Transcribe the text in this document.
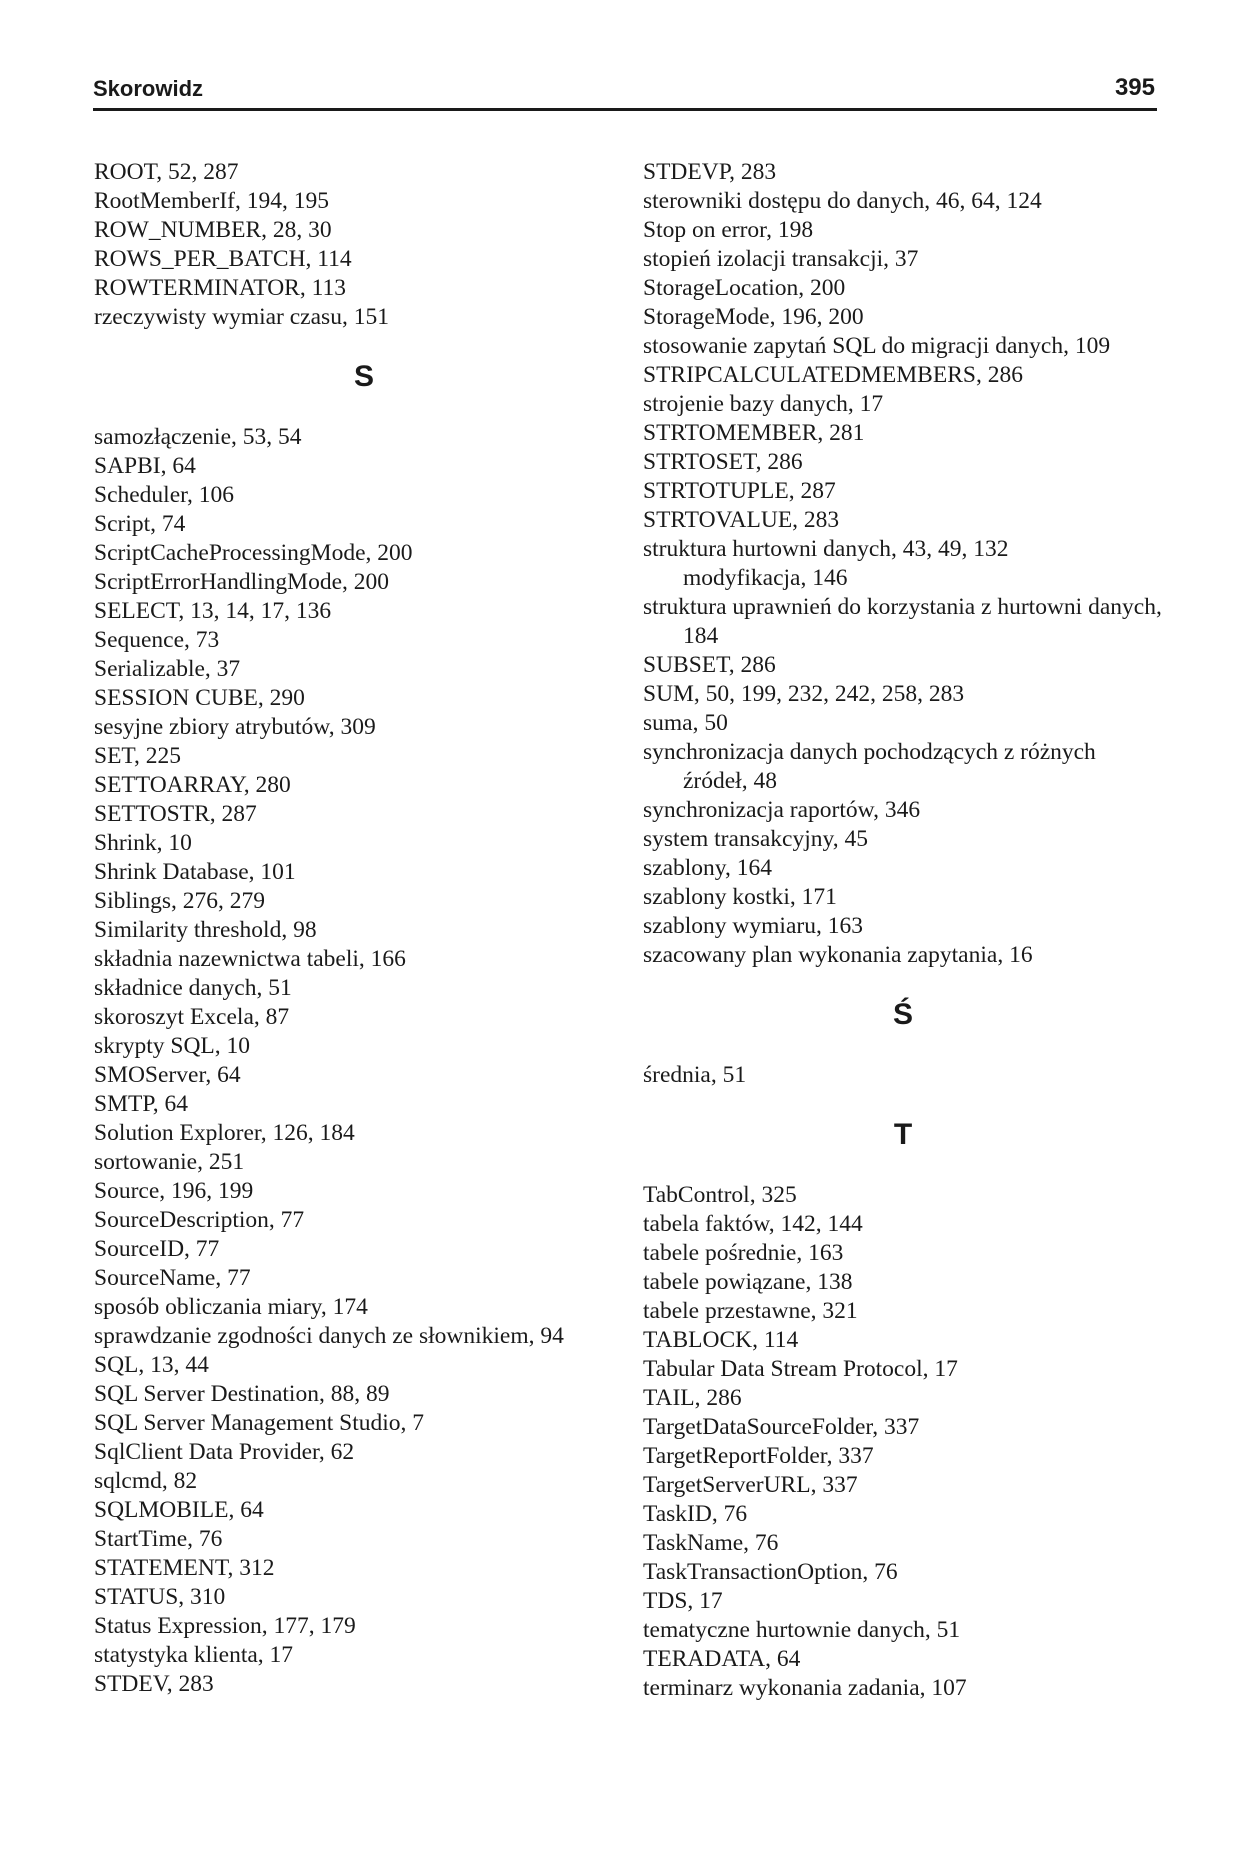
Skorowidz	395
ROOT, 52, 287
RootMemberIf, 194, 195
ROW_NUMBER, 28, 30
ROWS_PER_BATCH, 114
ROWTERMINATOR, 113
rzeczywisty wymiar czasu, 151
S
samozłączenie, 53, 54
SAPBI, 64
Scheduler, 106
Script, 74
ScriptCacheProcessingMode, 200
ScriptErrorHandlingMode, 200
SELECT, 13, 14, 17, 136
Sequence, 73
Serializable, 37
SESSION CUBE, 290
sesyjne zbiory atrybutów, 309
SET, 225
SETTOARRAY, 280
SETTOSTR, 287
Shrink, 10
Shrink Database, 101
Siblings, 276, 279
Similarity threshold, 98
składnia nazewnictwa tabeli, 166
składnice danych, 51
skoroszyt Excela, 87
skrypty SQL, 10
SMOServer, 64
SMTP, 64
Solution Explorer, 126, 184
sortowanie, 251
Source, 196, 199
SourceDescription, 77
SourceID, 77
SourceName, 77
sposób obliczania miary, 174
sprawdzanie zgodności danych ze słownikiem, 94
SQL, 13, 44
SQL Server Destination, 88, 89
SQL Server Management Studio, 7
SqlClient Data Provider, 62
sqlcmd, 82
SQLMOBILE, 64
StartTime, 76
STATEMENT, 312
STATUS, 310
Status Expression, 177, 179
statystyka klienta, 17
STDEV, 283
STDEVP, 283
sterowniki dostępu do danych, 46, 64, 124
Stop on error, 198
stopień izolacji transakcji, 37
StorageLocation, 200
StorageMode, 196, 200
stosowanie zapytań SQL do migracji danych, 109
STRIPCALCULATEDMEMBERS, 286
strojenie bazy danych, 17
STRTOMEMBER, 281
STRTOSET, 286
STRTOTUPLE, 287
STRTOVALUE, 283
struktura hurtowni danych, 43, 49, 132
modyfikacja, 146
struktura uprawnień do korzystania z hurtowni danych, 184
SUBSET, 286
SUM, 50, 199, 232, 242, 258, 283
suma, 50
synchronizacja danych pochodzących z różnych źródeł, 48
synchronizacja raportów, 346
system transakcyjny, 45
szablony, 164
szablony kostki, 171
szablony wymiaru, 163
szacowany plan wykonania zapytania, 16
Ś
średnia, 51
T
TabControl, 325
tabela faktów, 142, 144
tabele pośrednie, 163
tabele powiązane, 138
tabele przestawne, 321
TABLOCK, 114
Tabular Data Stream Protocol, 17
TAIL, 286
TargetDataSourceFolder, 337
TargetReportFolder, 337
TargetServerURL, 337
TaskID, 76
TaskName, 76
TaskTransactionOption, 76
TDS, 17
tematyczne hurtownie danych, 51
TERADATA, 64
terminarz wykonania zadania, 107
